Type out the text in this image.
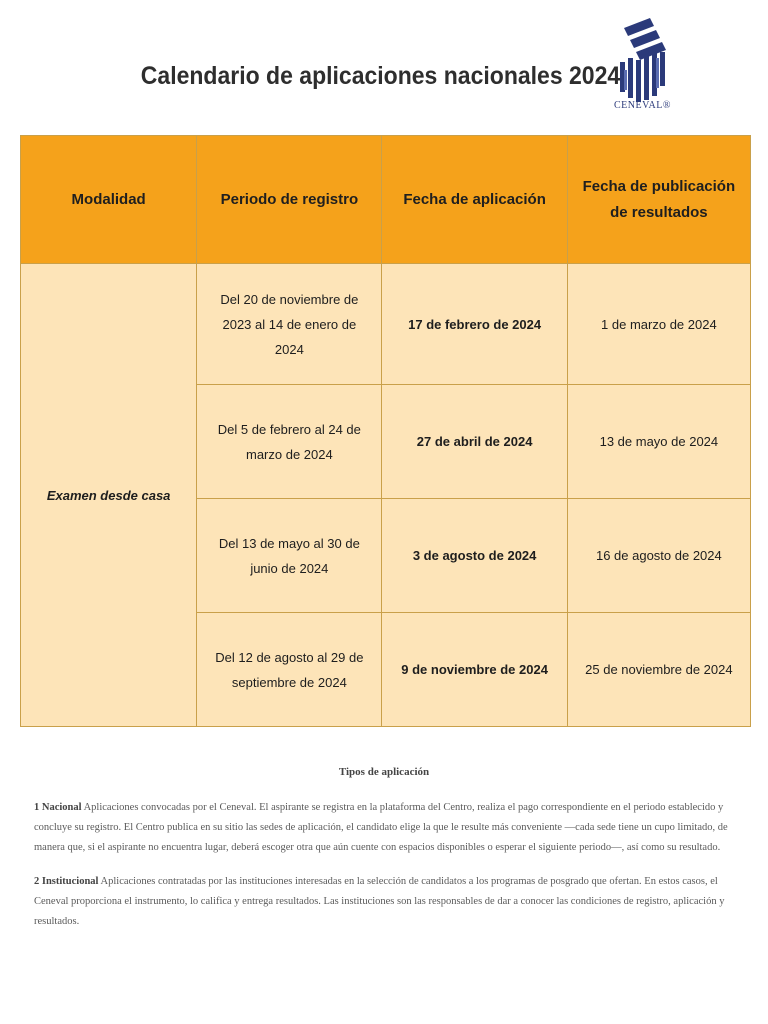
Calendario de aplicaciones nacionales 2024
CENEVAL®
Modalidad	Periodo de registro	Fecha de aplicación	Fecha de publicación de resultados
Examen desde casa	Del 20 de noviembre de 2023 al 14 de enero de 2024	17 de febrero de 2024	1 de marzo de 2024
	Del 5 de febrero al 24 de marzo de 2024	27 de abril de 2024	13 de mayo de 2024
	Del 13 de mayo al 30 de junio de 2024	3 de agosto de 2024	16 de agosto de 2024
	Del 12 de agosto al 29 de septiembre de 2024	9 de noviembre de 2024	25 de noviembre de 2024
Tipos de aplicación
1 Nacional Aplicaciones convocadas por el Ceneval. El aspirante se registra en la plataforma del Centro, realiza el pago correspondiente en el periodo establecido y concluye su registro. El Centro publica en su sitio las sedes de aplicación, el candidato elige la que le resulte más conveniente —cada sede tiene un cupo limitado, de manera que, si el aspirante no encuentra lugar, deberá escoger otra que aún cuente con espacios disponibles o esperar el siguiente periodo—, así como su resultado.
2 Institucional Aplicaciones contratadas por las instituciones interesadas en la selección de candidatos a los programas de posgrado que ofertan. En estos casos, el Ceneval proporciona el instrumento, lo califica y entrega resultados. Las instituciones son las responsables de dar a conocer las condiciones de registro, aplicación y resultados.
